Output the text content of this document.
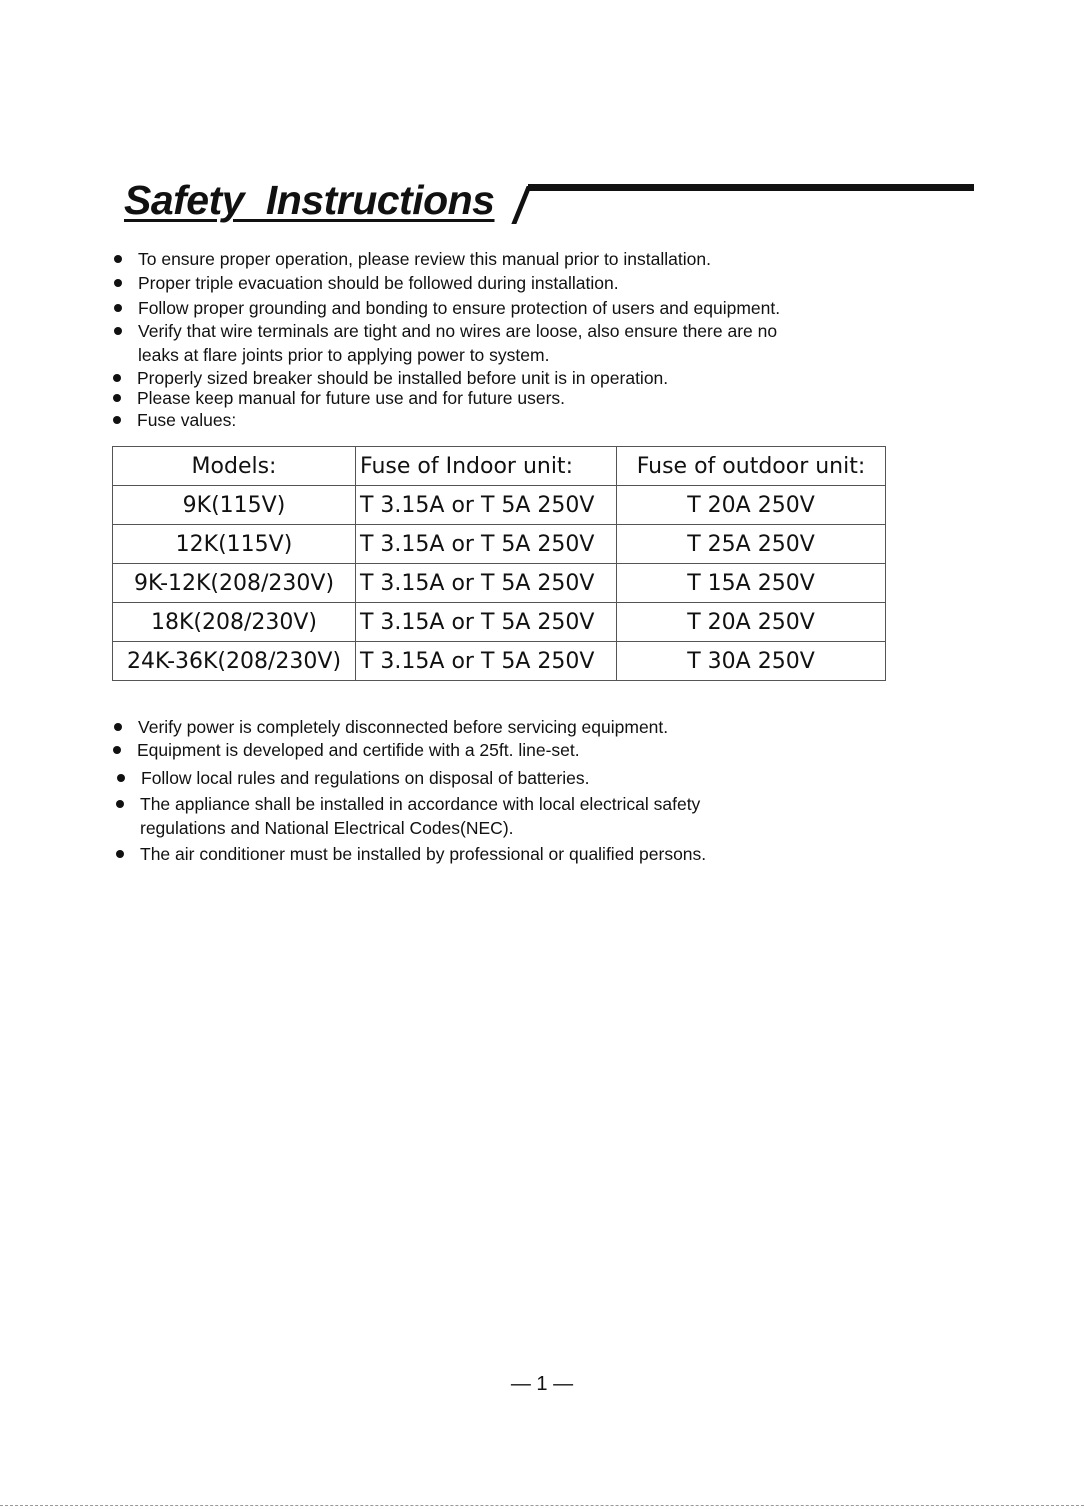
Safety  Instructions
To ensure proper operation, please review this manual prior to installation.
Proper triple evacuation should be followed during installation.
Follow proper grounding and bonding to ensure protection of users and equipment.
Verify that wire terminals are tight and no wires are loose, also ensure there are no
leaks at flare joints prior to applying power to system.
Properly sized breaker should be installed before unit is in operation.
Please keep manual for future use and for future users.
Fuse values:
Models:	Fuse of Indoor unit:	Fuse of outdoor unit:
9K(115V)	T 3.15A or T 5A 250V	T 20A 250V
12K(115V)	T 3.15A or T 5A 250V	T 25A 250V
9K-12K(208/230V)	T 3.15A or T 5A 250V	T 15A 250V
18K(208/230V)	T 3.15A or T 5A 250V	T 20A 250V
24K-36K(208/230V)	T 3.15A or T 5A 250V	T 30A 250V
Verify power is completely disconnected before servicing equipment.
Equipment is developed and certifide with a 25ft. line-set.
Follow local rules and regulations on disposal of batteries.
The appliance shall be installed in accordance with local electrical safety
regulations and National Electrical Codes(NEC).
The air conditioner must be installed by professional or qualified persons.
— 1 —
